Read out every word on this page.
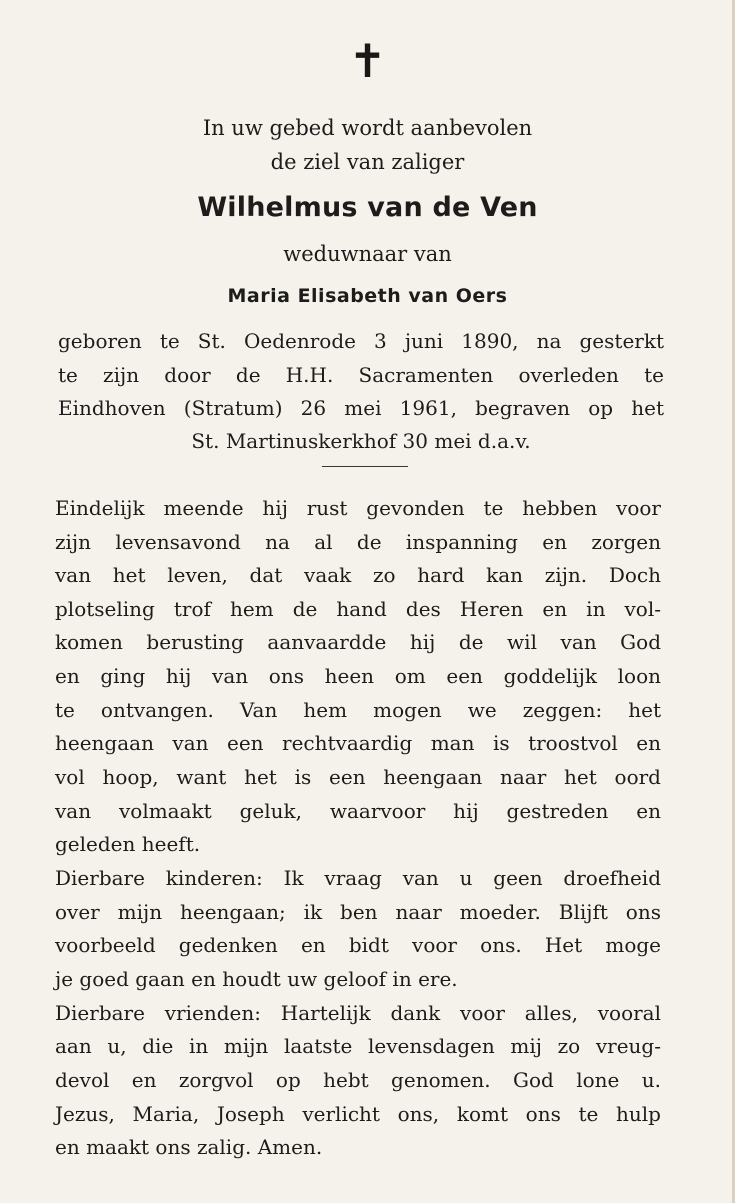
✝
In uw gebed wordt aanbevolen
de ziel van zaliger
Wilhelmus van de Ven
weduwnaar van
Maria Elisabeth van Oers
geboren te St. Oedenrode 3 juni 1890, na gesterkt
te zijn door de H.H. Sacramenten overleden te
Eindhoven (Stratum) 26 mei 1961, begraven op het
St. Martinuskerkhof 30 mei d.a.v.
Eindelijk meende hij rust gevonden te hebben voor
zijn levensavond na al de inspanning en zorgen
van het leven, dat vaak zo hard kan zijn. Doch
plotseling trof hem de hand des Heren en in vol-
komen berusting aanvaardde hij de wil van God
en ging hij van ons heen om een goddelijk loon
te ontvangen. Van hem mogen we zeggen: het
heengaan van een rechtvaardig man is troostvol en
vol hoop, want het is een heengaan naar het oord
van volmaakt geluk, waarvoor hij gestreden en
geleden heeft.
Dierbare kinderen: Ik vraag van u geen droefheid
over mijn heengaan; ik ben naar moeder. Blijft ons
voorbeeld gedenken en bidt voor ons. Het moge
je goed gaan en houdt uw geloof in ere.
Dierbare vrienden: Hartelijk dank voor alles, vooral
aan u, die in mijn laatste levensdagen mij zo vreug-
devol en zorgvol op hebt genomen. God lone u.
Jezus, Maria, Joseph verlicht ons, komt ons te hulp
en maakt ons zalig. Amen.
